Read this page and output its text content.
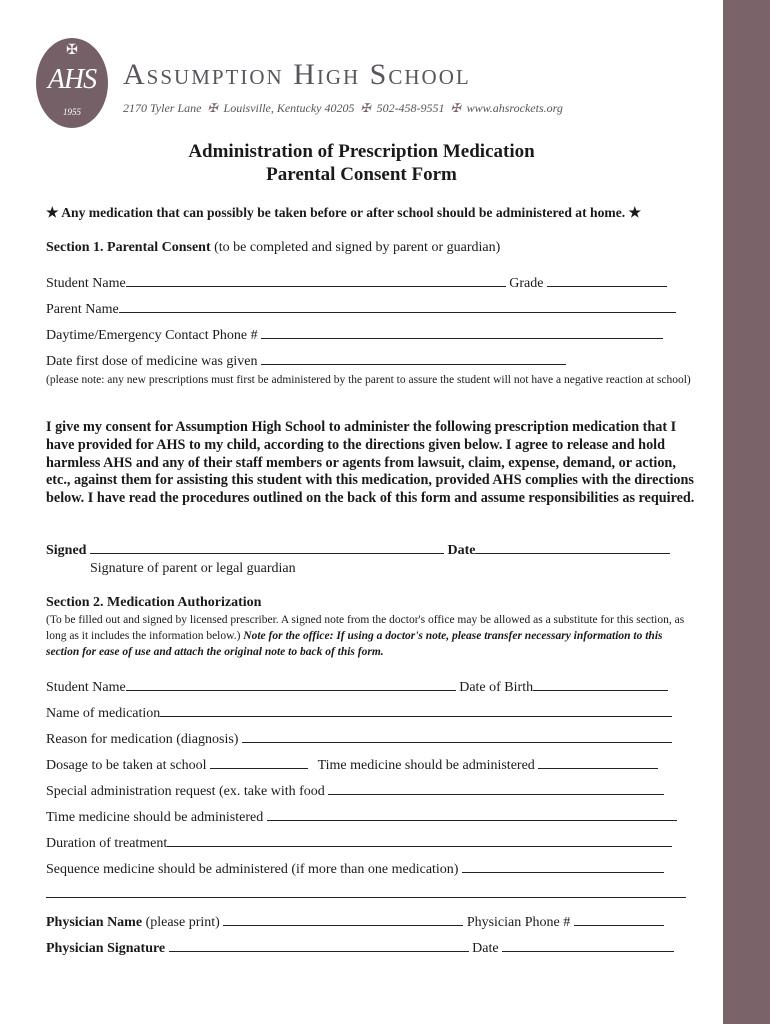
✠
AHS
1955
Assumption High School
2170 Tyler Lane ✠ Louisville, Kentucky 40205 ✠ 502-458-9551 ✠ www.ahsrockets.org
Administration of Prescription Medication
Parental Consent Form
★ Any medication that can possibly be taken before or after school should be administered at home. ★
Section 1. Parental Consent (to be completed and signed by parent or guardian)
Student Name	Grade
Parent Name
Daytime/Emergency Contact Phone #
Date first dose of medicine was given
(please note: any new prescriptions must first be administered by the parent to assure the student will not have a negative reaction at school)
I give my consent for Assumption High School to administer the following prescription medication that I have provided for AHS to my child, according to the directions given below. I agree to release and hold harmless AHS and any of their staff members or agents from lawsuit, claim, expense, demand, or action, etc., against them for assisting this student with this medication, provided AHS complies with the directions below. I have read the procedures outlined on the back of this form and assume responsibilities as required.
Signed	Date
Signature of parent or legal guardian
Section 2. Medication Authorization
(To be filled out and signed by licensed prescriber. A signed note from the doctor's office may be allowed as a substitute for this section, as long as it includes the information below.) Note for the office: If using a doctor's note, please transfer necessary information to this section for ease of use and attach the original note to back of this form.
Student Name	Date of Birth
Name of medication
Reason for medication (diagnosis)
Dosage to be taken at school	Time medicine should be administered
Special administration request (ex. take with food
Time medicine should be administered
Duration of treatment
Sequence medicine should be administered (if more than one medication)
Physician Name (please print)	Physician Phone #
Physician Signature	Date
